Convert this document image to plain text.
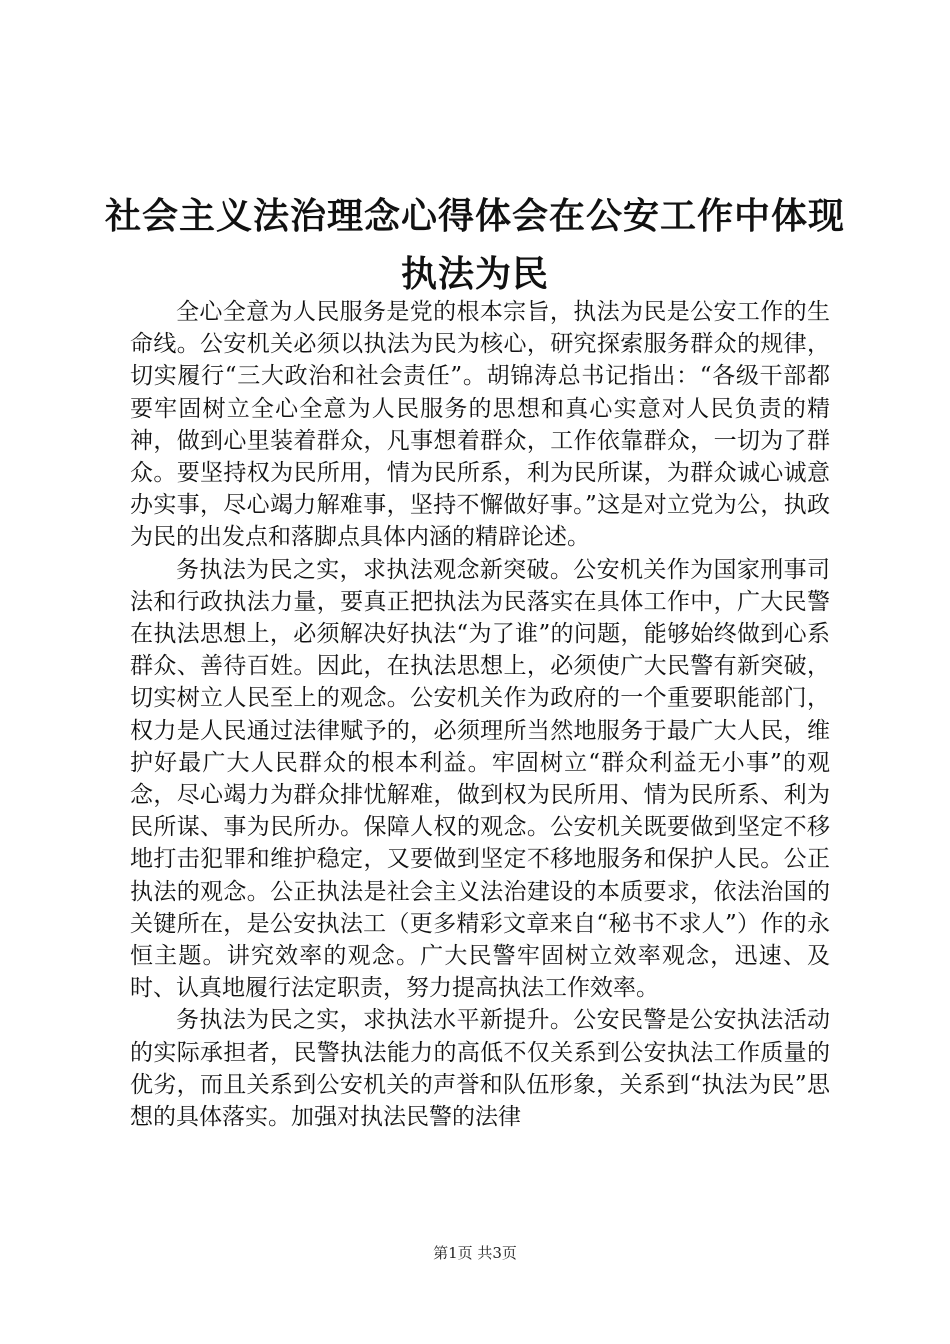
社会主义法治理念心得体会在公安工作中体现
执法为民

全心全意为人民服务是党的根本宗旨，执法为民是公安工作的生命线。公安机关必须以执法为民为核心，研究探索服务群众的规律，切实履行“三大政治和社会责任”。胡锦涛总书记指出：“各级干部都要牢固树立全心全意为人民服务的思想和真心实意对人民负责的精神，做到心里装着群众，凡事想着群众，工作依靠群众，一切为了群众。要坚持权为民所用，情为民所系，利为民所谋，为群众诚心诚意办实事，尽心竭力解难事，坚持不懈做好事。”这是对立党为公，执政为民的出发点和落脚点具体内涵的精辟论述。

务执法为民之实，求执法观念新突破。公安机关作为国家刑事司法和行政执法力量，要真正把执法为民落实在具体工作中，广大民警在执法思想上，必须解决好执法“为了谁”的问题，能够始终做到心系群众、善待百姓。因此，在执法思想上，必须使广大民警有新突破，切实树立人民至上的观念。公安机关作为政府的一个重要职能部门，权力是人民通过法律赋予的，必须理所当然地服务于最广大人民，维护好最广大人民群众的根本利益。牢固树立“群众利益无小事”的观念，尽心竭力为群众排忧解难，做到权为民所用、情为民所系、利为民所谋、事为民所办。保障人权的观念。公安机关既要做到坚定不移地打击犯罪和维护稳定，又要做到坚定不移地服务和保护人民。公正执法的观念。公正执法是社会主义法治建设的本质要求，依法治国的关键所在，是公安执法工（更多精彩文章来自“秘书不求人”）作的永恒主题。讲究效率的观念。广大民警牢固树立效率观念，迅速、及时、认真地履行法定职责，努力提高执法工作效率。

务执法为民之实，求执法水平新提升。公安民警是公安执法活动的实际承担者，民警执法能力的高低不仅关系到公安执法工作质量的优劣，而且关系到公安机关的声誉和队伍形象，关系到“执法为民”思想的具体落实。加强对执法民警的法律

第1页 共3页
